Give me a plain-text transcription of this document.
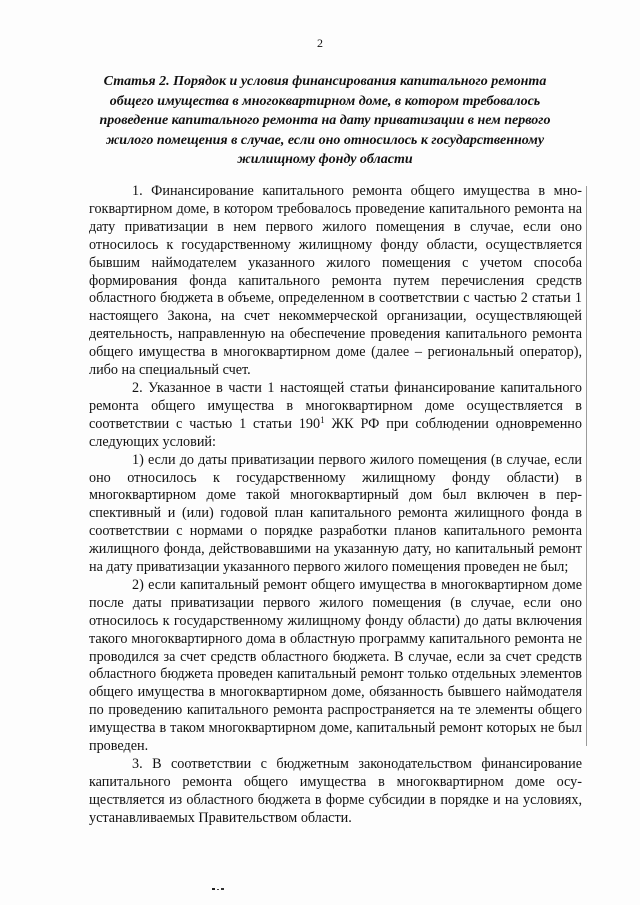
2
Статья 2. Порядок и условия финансирования капитального ремонта общего имущества в многоквартирном доме, в котором требовалось проведение капитального ремонта на дату приватизации в нем первого жилого помещения в случае, если оно относилось к государственному жилищному фонду области

1. Финансирование капитального ремонта общего имущества в многоквартирном доме, в котором требовалось проведение капитального ремонта на дату приватизации в нем первого жилого помещения в случае, если оно относилось к государственному жилищному фонду области, осуществляется бывшим наймодателем указанного жилого помещения с учетом способа формирования фонда капитального ремонта путем перечисления средств областного бюджета в объеме, определенном в соответствии с частью 2 статьи 1 настоящего Закона, на счет некоммерческой организации, осуществляющей деятельность, направленную на обеспечение проведения капитального ремонта общего имущества в многоквартирном доме (далее – региональный оператор), либо на специальный счет.

2. Указанное в части 1 настоящей статьи финансирование капитального ремонта общего имущества в многоквартирном доме осуществляется в соответствии с частью 1 статьи $190^1$ ЖК РФ при соблюдении одновременно следующих условий:

1) если до даты приватизации первого жилого помещения (в случае, если оно относилось к государственному жилищному фонду области) в многоквартирном доме такой многоквартирный дом был включен в перспективный и (или) годовой план капитального ремонта жилищного фонда в соответствии с нормами о порядке разработки планов капитального ремонта жилищного фонда, действовавшими на указанную дату, но капитальный ремонт на дату приватизации указанного первого жилого помещения проведен не был;

2) если капитальный ремонт общего имущества в многоквартирном доме после даты приватизации первого жилого помещения (в случае, если оно относилось к государственному жилищному фонду области) до даты включения такого многоквартирного дома в областную программу капитального ремонта не проводился за счет средств областного бюджета. В случае, если за счет средств областного бюджета проведен капитальный ремонт только отдельных элементов общего имущества в многоквартирном доме, обязанность бывшего наймодателя по проведению капитального ремонта распространяется на те элементы общего имущества в таком многоквартирном доме, капитальный ремонт которых не был проведен.

3. В соответствии с бюджетным законодательством финансирование капитального ремонта общего имущества в многоквартирном доме осуществляется из областного бюджета в форме субсидии в порядке и на условиях, устанавливаемых Правительством области.
